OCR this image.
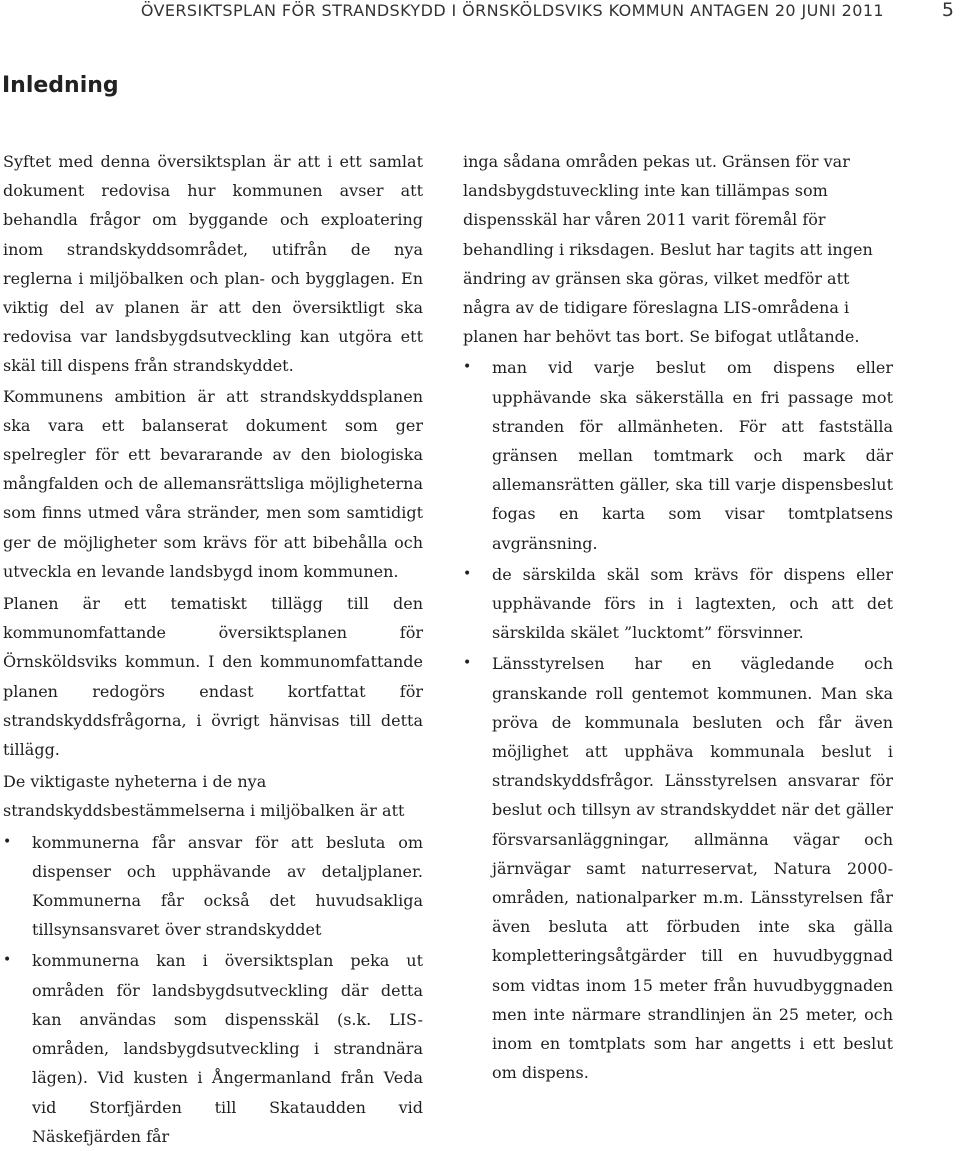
ÖVERSIKTSPLAN FÖR STRANDSKYDD I ÖRNSKÖLDSVIKS KOMMUN ANTAGEN 20 JUNI 2011	5
Inledning

Syftet med denna översiktsplan är att i ett samlat dokument redovisa hur kommunen avser att behandla frågor om byggande och exploatering inom strandskyddsområdet, utifrån de nya reglerna i miljöbalken och plan- och bygglagen. En viktig del av planen är att den översiktligt ska redovisa var landsbygdsutveckling kan utgöra ett skäl till dispens från strandskyddet.

Kommunens ambition är att strandskyddsplanen ska vara ett balanserat dokument som ger spelregler för ett bevararande av den biologiska mångfalden och de allemansrättsliga möjligheterna som finns utmed våra stränder, men som samtidigt ger de möjligheter som krävs för att bibehålla och utveckla en levande landsbygd inom kommunen.

Planen är ett tematiskt tillägg till den kommunomfattande översiktsplanen för Örnsköldsviks kommun. I den kommunomfattande planen redogörs endast kortfattat för strandskyddsfrågorna, i övrigt hänvisas till detta tillägg.

De viktigaste nyheterna i de nya strandskyddsbestämmelserna i miljöbalken är att

• kommunerna får ansvar för att besluta om dispenser och upphävande av detaljplaner. Kommunerna får också det huvudsakliga tillsynsansvaret över strandskyddet
• kommunerna kan i översiktsplan peka ut områden för landsbygdsutveckling där detta kan användas som dispensskäl (s.k. LIS-områden, landsbygdsutveckling i strandnära lägen). Vid kusten i Ångermanland från Veda vid Storfjärden till Skataudden vid Näskefjärden får

inga sådana områden pekas ut. Gränsen för var landsbygdstuveckling inte kan tillämpas som dispensskäl har våren 2011 varit föremål för behandling i riksdagen. Beslut har tagits att ingen ändring av gränsen ska göras, vilket medför att några av de tidigare föreslagna LIS-områdena i planen har behövt tas bort. Se bifogat utlåtande.

• man vid varje beslut om dispens eller upphävande ska säkerställa en fri passage mot stranden för allmänheten. För att fastställa gränsen mellan tomtmark och mark där allemansrätten gäller, ska till varje dispensbeslut fogas en karta som visar tomtplatsens avgränsning.
• de särskilda skäl som krävs för dispens eller upphävande förs in i lagtexten, och att det särskilda skälet ”lucktomt” försvinner.
• Länsstyrelsen har en vägledande och granskande roll gentemot kommunen. Man ska pröva de kommunala besluten och får även möjlighet att upphäva kommunala beslut i strandskyddsfrågor. Länsstyrelsen ansvarar för beslut och tillsyn av strandskyddet när det gäller försvarsanläggningar, allmänna vägar och järnvägar samt naturreservat, Natura 2000-områden, nationalparker m.m. Länsstyrelsen får även besluta att förbuden inte ska gälla kompletteringsåtgärder till en huvudbyggnad som vidtas inom 15 meter från huvudbyggnaden men inte närmare strandlinjen än 25 meter, och inom en tomtplats som har angetts i ett beslut om dispens.
